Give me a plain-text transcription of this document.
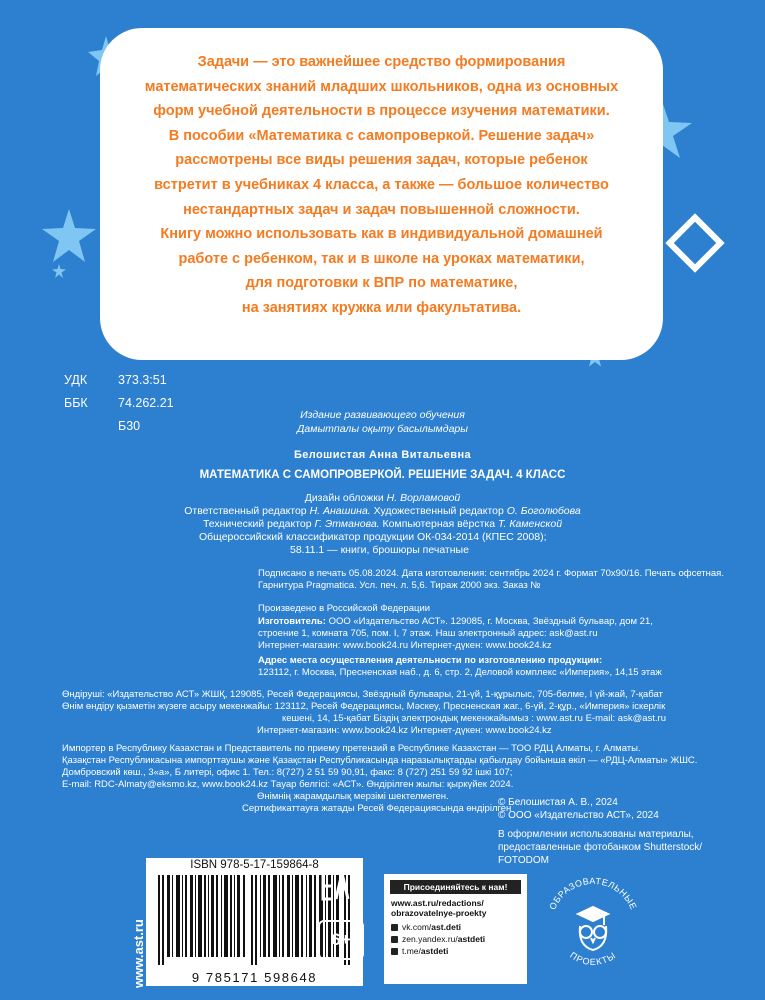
Задачи — это важнейшее средство формирования
математических знаний младших школьников, одна из основных
форм учебной деятельности в процессе изучения математики.
В пособии «Математика с самопроверкой. Решение задач»
рассмотрены все виды решения задач, которые ребенок
встретит в учебниках 4 класса, а также — большое количество
нестандартных задач и задач повышенной сложности.
Книгу можно использовать как в индивидуальной домашней
работе с ребенком, так и в школе на уроках математики,
для подготовки к ВПР по математике,
на занятиях кружка или факультатива.

УДК	373.3:51
ББК	74.262.21
Б30
Издание развивающего обучения
Дамытпалы оқыту басылымдары
Белошистая Анна Витальевна
МАТЕМАТИКА С САМОПРОВЕРКОЙ. РЕШЕНИЕ ЗАДАЧ. 4 КЛАСС
Дизайн обложки Н. Ворламовой
Ответственный редактор Н. Анашина. Художественный редактор О. Боголюбова
Технический редактор Г. Этманова. Компьютерная вёрстка Т. Каменской
Общероссийский классификатор продукции ОК-034-2014 (КПЕС 2008);
58.11.1 — книги, брошюры печатные
Подписано в печать 05.08.2024. Дата изготовления: сентябрь 2024 г. Формат 70x90/16. Печать офсетная.
Гарнитура Pragmatica. Усл. печ. л. 5,6. Тираж 2000 экз. Заказ №
Произведено в Российской Федерации
Изготовитель: ООО «Издательство АСТ». 129085, г. Москва, Звёздный бульвар, дом 21,
строение 1, комната 705, пом. I, 7 этаж. Наш электронный адрес: ask@ast.ru
Интернет-магазин: www.book24.ru Интернет-дүкен: www.book24.kz
Адрес места осуществления деятельности по изготовлению продукции:
123112, г. Москва, Пресненская наб., д. 6, стр. 2, Деловой комплекс «Империя», 14,15 этаж
Өндіруші: «Издательство АСТ» ЖШҚ, 129085, Ресей Федерациясы, Звёздный бульвары, 21-үй, 1-құрылыс, 705-бөлме, I үй-жай, 7-қабат
Өнім өндіру қызметін жүзеге асыру мекенжайы: 123112, Ресей Федерациясы, Мәскеу, Пресненская жаг., 6-үй, 2-құр., «Империя» іскерлік
кешені, 14, 15-қабат Біздің электрондық мекенжайымыз : www.ast.ru E-mail: ask@ast.ru
Интернет-магазин: www.book24.kz Интернет-дүкен: www.book24.kz
Импортер в Республику Казахстан и Представитель по приему претензий в Республике Казахстан — ТОО РДЦ Алматы, г. Алматы.
Қазақстан Республикасына импорттаушы және Қазақстан Республикасында наразылықтарды қабылдау бойынша өкіл — «РДЦ-Алматы» ЖШС.
Домбровский көш., 3«а», Б литері, офис 1. Тел.: 8(727) 2 51 59 90,91, факс: 8 (727) 251 59 92 ішкі 107;
E-mail: RDC-Almaty@eksmo.kz, www.book24.kz Тауар белгісі: «АСТ». Өндірілген жылы: қыркүйек 2024.
Өнімнің жарамдылық мерзімі шектелмеген.
Сертификаттауға жатады Ресей Федерациясында өндірілген
© Белошистая А. В., 2024
© ООО «Издательство АСТ», 2024
В оформлении использованы материалы,
предоставленные фотобанком Shutterstock/
FOTODOM
www.ast.ru
ISBN 978-5-17-159864-8
9 785171 598648
6+
Присоединяйтесь к нам!
www.ast.ru/redactions/
obrazovatelnye-proekty
vk.com/ ast.deti
zen.yandex.ru/ astdeti
t.me/ astdeti
ОБРАЗОВАТЕЛЬНЫЕ
ПРОЕКТЫ
